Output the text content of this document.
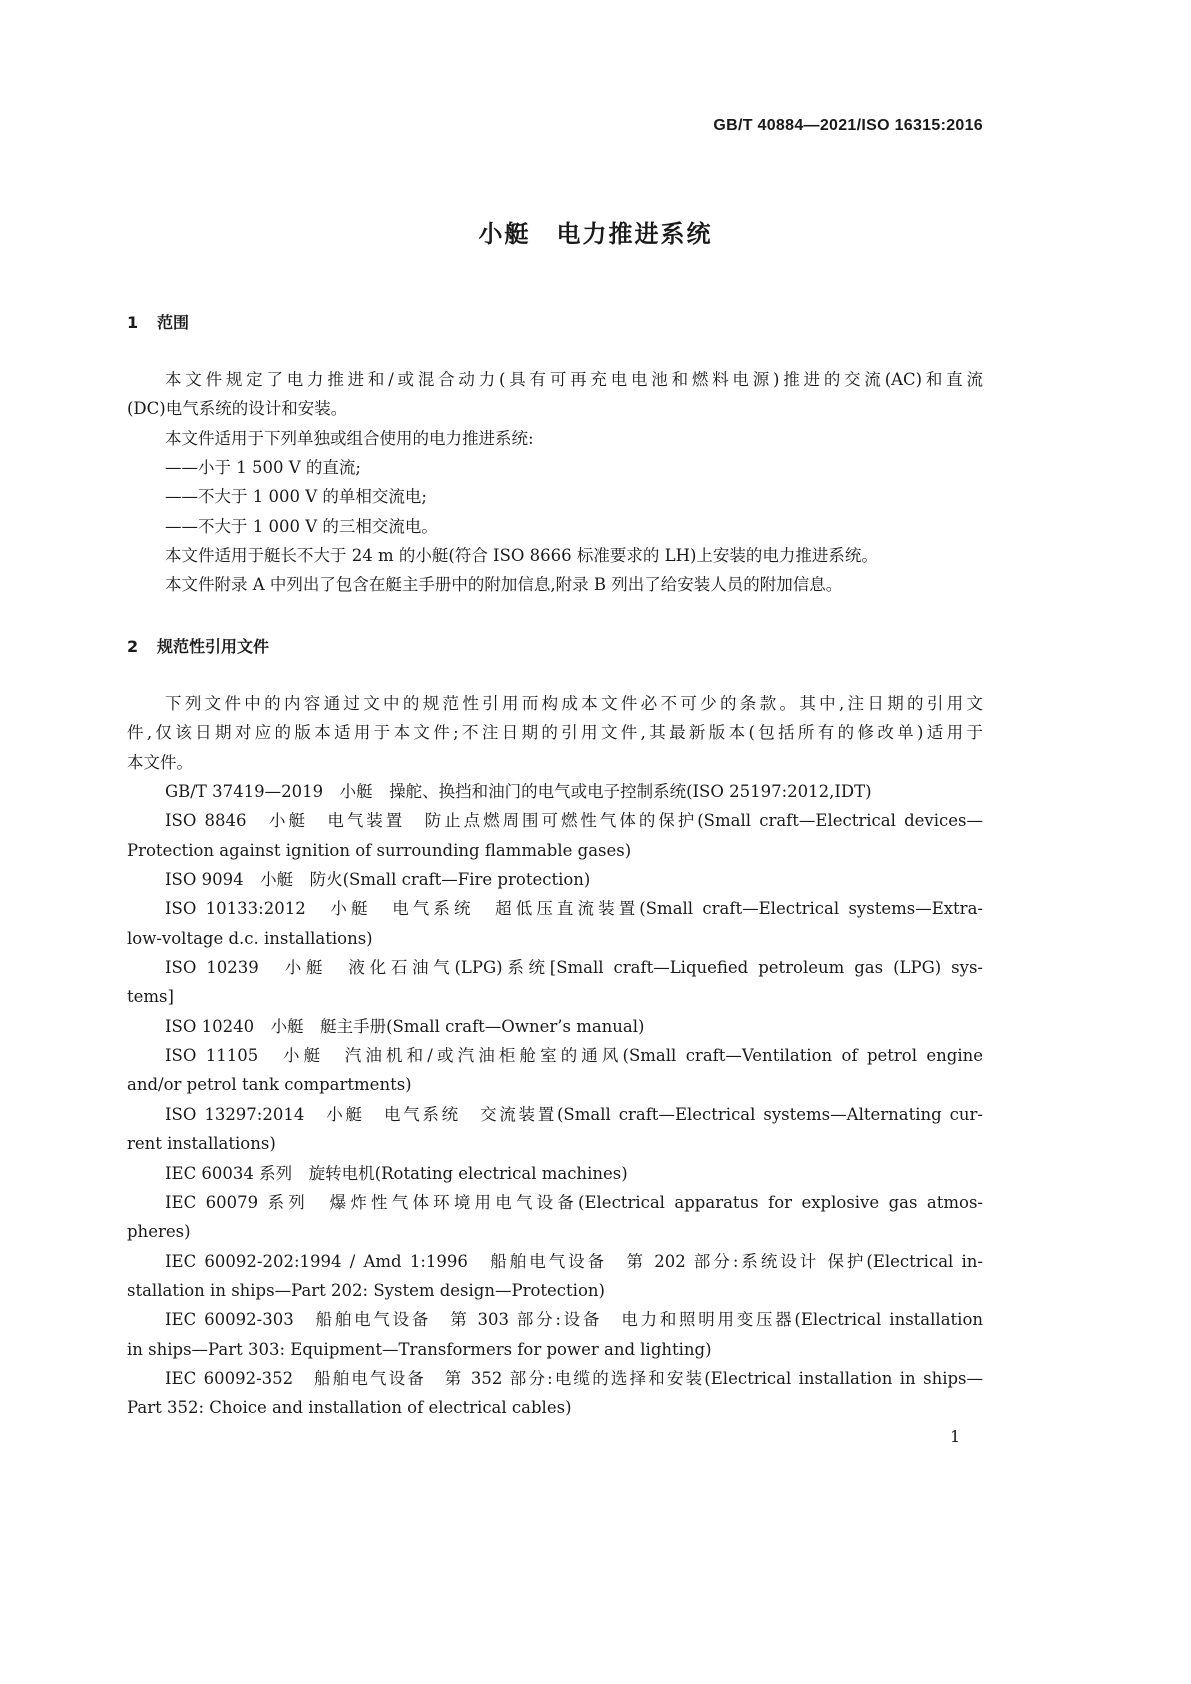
GB/T 40884—2021/ISO 16315:2016
小艇　电力推进系统
1 范围
本文件规定了电力推进和/或混合动力(具有可再充电电池和燃料电源)推进的交流(AC)和直流
(DC)电气系统的设计和安装。
本文件适用于下列单独或组合使用的电力推进系统:
——小于 1 500 V 的直流;
——不大于 1 000 V 的单相交流电;
——不大于 1 000 V 的三相交流电。
本文件适用于艇长不大于 24 m 的小艇(符合 ISO 8666 标准要求的 LH)上安装的电力推进系统。
本文件附录 A 中列出了包含在艇主手册中的附加信息,附录 B 列出了给安装人员的附加信息。
2 规范性引用文件
下列文件中的内容通过文中的规范性引用而构成本文件必不可少的条款。其中,注日期的引用文
件,仅该日期对应的版本适用于本文件;不注日期的引用文件,其最新版本(包括所有的修改单)适用于
本文件。
GB/T 37419—2019　小艇　操舵、换挡和油门的电气或电子控制系统(ISO 25197:2012,IDT)
ISO 8846　小艇　电气装置　防止点燃周围可燃性气体的保护(Small craft—Electrical devices—
Protection against ignition of surrounding flammable gases)
ISO 9094　小艇　防火(Small craft—Fire protection)
ISO 10133:2012　小艇　电气系统　超低压直流装置(Small craft—Electrical systems—Extra-
low-voltage d.c. installations)
ISO 10239　小艇　液化石油气(LPG)系统[Small craft—Liquefied petroleum gas (LPG) sys-
tems]
ISO 10240　小艇　艇主手册(Small craft—Owner’s manual)
ISO 11105　小艇　汽油机和/或汽油柜舱室的通风(Small craft—Ventilation of petrol engine
and/or petrol tank compartments)
ISO 13297:2014　小艇　电气系统　交流装置(Small craft—Electrical systems—Alternating cur-
rent installations)
IEC 60034 系列　旋转电机(Rotating electrical machines)
IEC 60079 系列　爆炸性气体环境用电气设备(Electrical apparatus for explosive gas atmos-
pheres)
IEC 60092-202:1994 / Amd 1:1996　船舶电气设备　第 202 部分:系统设计 保护(Electrical in-
stallation in ships—Part 202: System design—Protection)
IEC 60092-303　船舶电气设备　第 303 部分:设备　电力和照明用变压器(Electrical installation
in ships—Part 303: Equipment—Transformers for power and lighting)
IEC 60092-352　船舶电气设备　第 352 部分:电缆的选择和安装(Electrical installation in ships—
Part 352: Choice and installation of electrical cables)
1
